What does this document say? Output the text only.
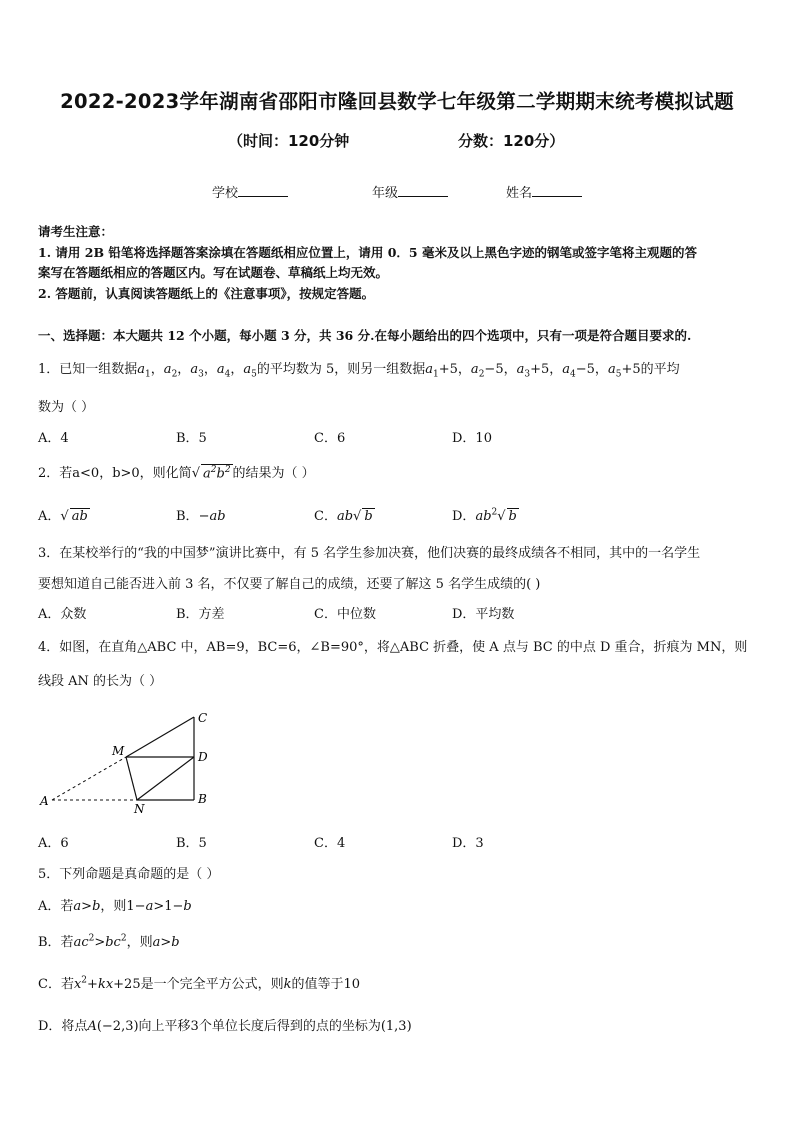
2022-2023学年湖南省邵阳市隆回县数学七年级第二学期期末统考模拟试题
（时间：120分钟	分数：120分）
学校	年级	姓名
请考生注意：
1. 请用 2B 铅笔将选择题答案涂填在答题纸相应位置上，请用 0．5 毫米及以上黑色字迹的钢笔或签字笔将主观题的答
案写在答题纸相应的答题区内。写在试题卷、草稿纸上均无效。
2. 答题前，认真阅读答题纸上的《注意事项》，按规定答题。
一、选择题：本大题共 12 个小题，每小题 3 分，共 36 分.在每小题给出的四个选项中，只有一项是符合题目要求的.
1．已知一组数据$a_1$，$a_2$，$a_3$，$a_4$，$a_5$的平均数为 5，则另一组数据$a_1+5$，$a_2-5$，$a_3+5$，$a_4-5$，$a_5+5$的平均
数为（ ）
A．4	B．5	C．6	D．10
2．若a<0，b>0，则化简√ $a^2b^2$ 的结果为（ ）
A．√ ab	B．−ab	C．ab√ b	D．$ab^2√$ b
3．在某校举行的“我的中国梦”演讲比赛中，有 5 名学生参加决赛，他们决赛的最终成绩各不相同，其中的一名学生
要想知道自己能否进入前 3 名，不仅要了解自己的成绩，还要了解这 5 名学生成绩的( )
A．众数	B．方差	C．中位数	D．平均数
4．如图，在直角△ABC 中，AB=9，BC=6，∠B=90°，将△ABC 折叠，使 A 点与 BC 的中点 D 重合，折痕为 MN，则
线段 AN 的长为（ ）
C
D
B
M
N
A
A．6	B．5	C．4	D．3
5．下列命题是真命题的是（ ）
A．若a>b，则1−a>1−b
B．若$ac^2>bc^2$，则a>b
C．若$x^2+kx+25$是一个完全平方公式，则k的值等于10
D．将点A(−2,3)向上平移3个单位长度后得到的点的坐标为(1,3)
